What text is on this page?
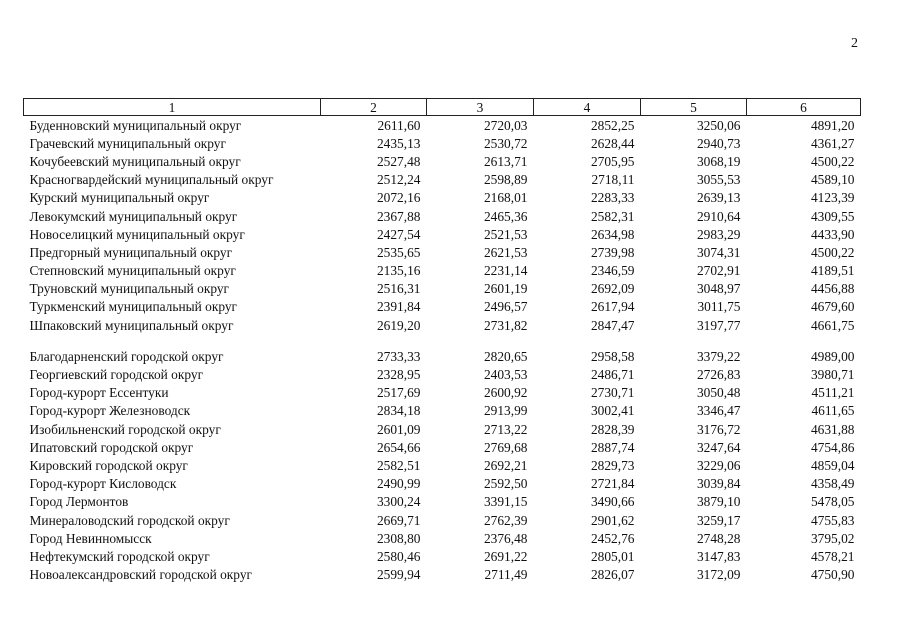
2
1	2	3	4	5	6
Буденновский муниципальный округ	2611,60	2720,03	2852,25	3250,06	4891,20
Грачевский муниципальный округ	2435,13	2530,72	2628,44	2940,73	4361,27
Кочубеевский муниципальный округ	2527,48	2613,71	2705,95	3068,19	4500,22
Красногвардейский муниципальный округ	2512,24	2598,89	2718,11	3055,53	4589,10
Курский муниципальный округ	2072,16	2168,01	2283,33	2639,13	4123,39
Левокумский муниципальный округ	2367,88	2465,36	2582,31	2910,64	4309,55
Новоселицкий муниципальный округ	2427,54	2521,53	2634,98	2983,29	4433,90
Предгорный муниципальный округ	2535,65	2621,53	2739,98	3074,31	4500,22
Степновский муниципальный округ	2135,16	2231,14	2346,59	2702,91	4189,51
Труновский муниципальный округ	2516,31	2601,19	2692,09	3048,97	4456,88
Туркменский муниципальный округ	2391,84	2496,57	2617,94	3011,75	4679,60
Шпаковский муниципальный округ	2619,20	2731,82	2847,47	3197,77	4661,75

Благодарненский городской округ	2733,33	2820,65	2958,58	3379,22	4989,00
Георгиевский городской округ	2328,95	2403,53	2486,71	2726,83	3980,71
Город-курорт Ессентуки	2517,69	2600,92	2730,71	3050,48	4511,21
Город-курорт Железноводск	2834,18	2913,99	3002,41	3346,47	4611,65
Изобильненский городской округ	2601,09	2713,22	2828,39	3176,72	4631,88
Ипатовский городской округ	2654,66	2769,68	2887,74	3247,64	4754,86
Кировский городской округ	2582,51	2692,21	2829,73	3229,06	4859,04
Город-курорт Кисловодск	2490,99	2592,50	2721,84	3039,84	4358,49
Город Лермонтов	3300,24	3391,15	3490,66	3879,10	5478,05
Минераловодский городской округ	2669,71	2762,39	2901,62	3259,17	4755,83
Город Невинномысск	2308,80	2376,48	2452,76	2748,28	3795,02
Нефтекумский городской округ	2580,46	2691,22	2805,01	3147,83	4578,21
Новоалександровский городской округ	2599,94	2711,49	2826,07	3172,09	4750,90
